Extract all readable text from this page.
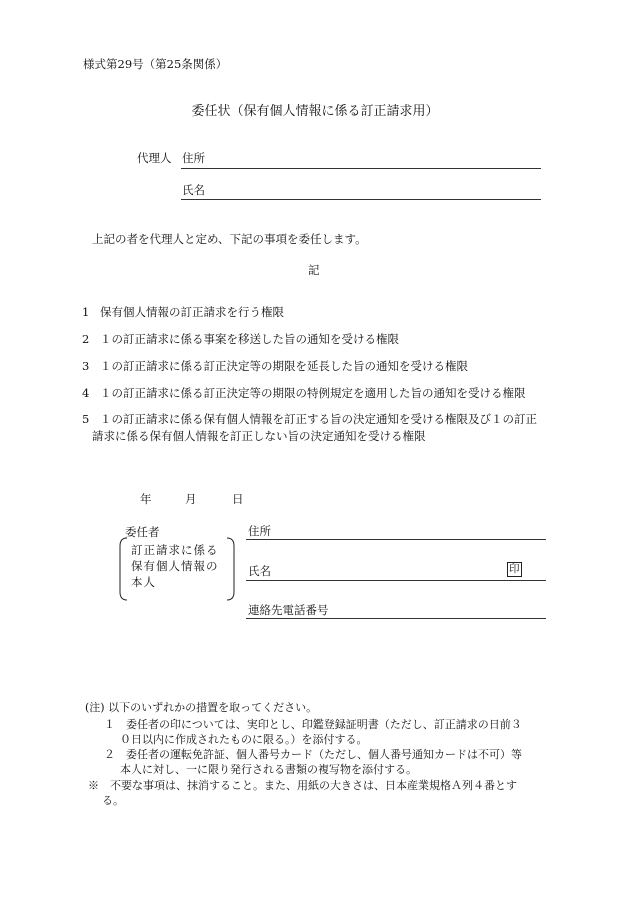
様式第29号（第25条関係）
委任状（保有個人情報に係る訂正請求用）
代理人 住所
氏名
上記の者を代理人と定め、下記の事項を委任します。
記
1 保有個人情報の訂正請求を行う権限
2 １の訂正請求に係る事案を移送した旨の通知を受ける権限
3 １の訂正請求に係る訂正決定等の期限を延長した旨の通知を受ける権限
4 １の訂正請求に係る訂正決定等の期限の特例規定を適用した旨の通知を受ける権限
5 １の訂正請求に係る保有個人情報を訂正する旨の決定通知を受ける権限及び１の訂正
請求に係る保有個人情報を訂正しない旨の決定通知を受ける権限
年	月	日
委任者
訂正請求に係る
保有個人情報の
本人
住所
氏名	印
連絡先電話番号
(注) 以下のいずれかの措置を取ってください。
１　委任者の印については、実印とし、印鑑登録証明書（ただし、訂正請求の日前３
０日以内に作成されたものに限る。）を添付する。
２　委任者の運転免許証、個人番号カード（ただし、個人番号通知カードは不可）等
本人に対し、一に限り発行される書類の複写物を添付する。
※　不要な事項は、抹消すること。また、用紙の大きさは、日本産業規格Ａ列４番とす
る。
